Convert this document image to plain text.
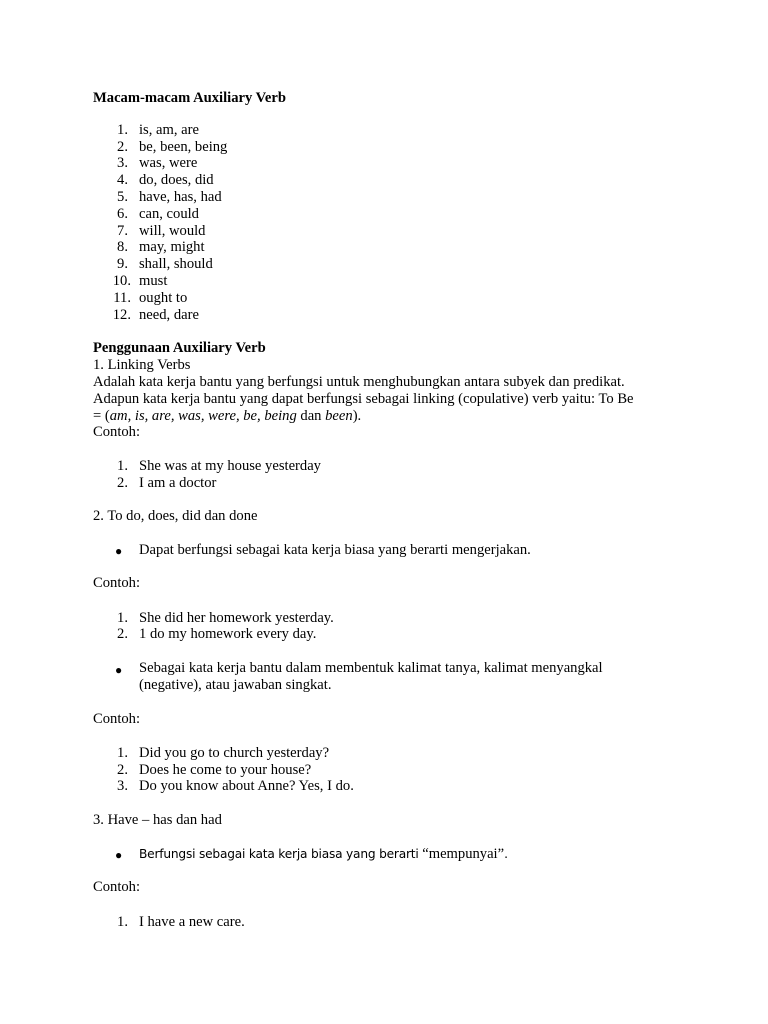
Macam-macam Auxiliary Verb
1. is, am, are
2. be, been, being
3. was, were
4. do, does, did
5. have, has, had
6. can, could
7. will, would
8. may, might
9. shall, should
10. must
11. ought to
12. need, dare
Penggunaan Auxiliary Verb
1. Linking Verbs
Adalah kata kerja bantu yang berfungsi untuk menghubungkan antara subyek dan predikat.
Adapun kata kerja bantu yang dapat berfungsi sebagai linking (copulative) verb yaitu: To Be
= (am, is, are, was, were, be, being dan been).
Contoh:
1. She was at my house yesterday
2. I am a doctor
2. To do, does, did dan done
● Dapat berfungsi sebagai kata kerja biasa yang berarti mengerjakan.
Contoh:
1. She did her homework yesterday.
2. 1 do my homework every day.
● Sebagai kata kerja bantu dalam membentuk kalimat tanya, kalimat menyangkal
(negative), atau jawaban singkat.
Contoh:
1. Did you go to church yesterday?
2. Does he come to your house?
3. Do you know about Anne? Yes, I do.
3. Have – has dan had
● Berfungsi sebagai kata kerja biasa yang berarti “mempunyai”.
Contoh:
1. I have a new care.
